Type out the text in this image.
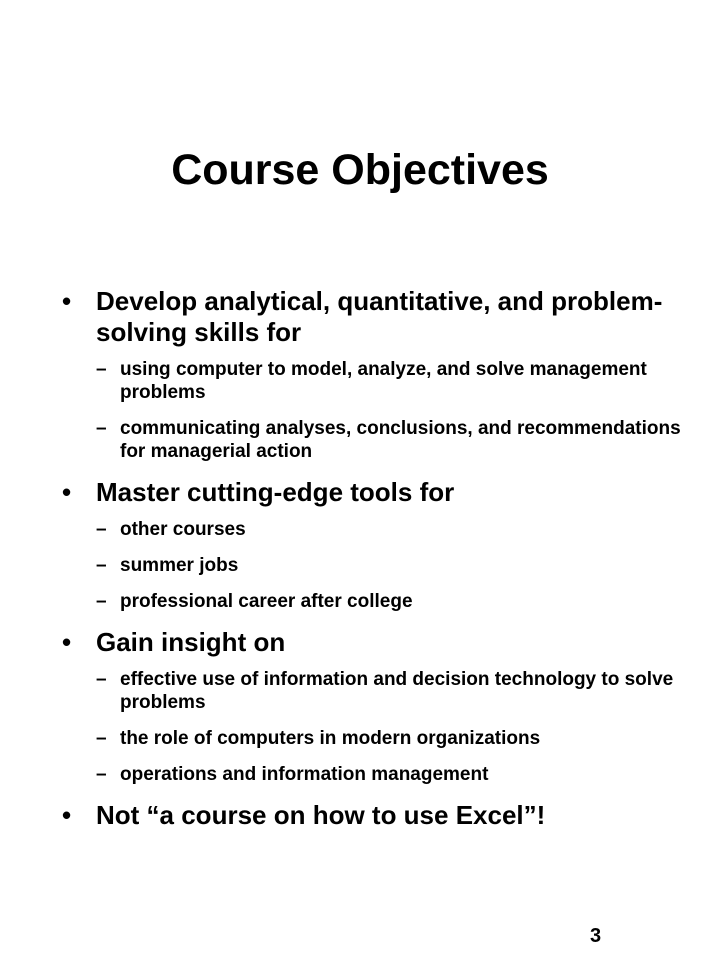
Course Objectives
• Develop analytical, quantitative, and problem-solving skills for
– using computer to model, analyze, and solve management problems
– communicating analyses, conclusions, and recommendations for managerial action
• Master cutting-edge tools for
– other courses
– summer jobs
– professional career after college
• Gain insight on
– effective use of information and decision technology to solve problems
– the role of computers in modern organizations
– operations and information management
• Not “a course on how to use Excel”!
3
